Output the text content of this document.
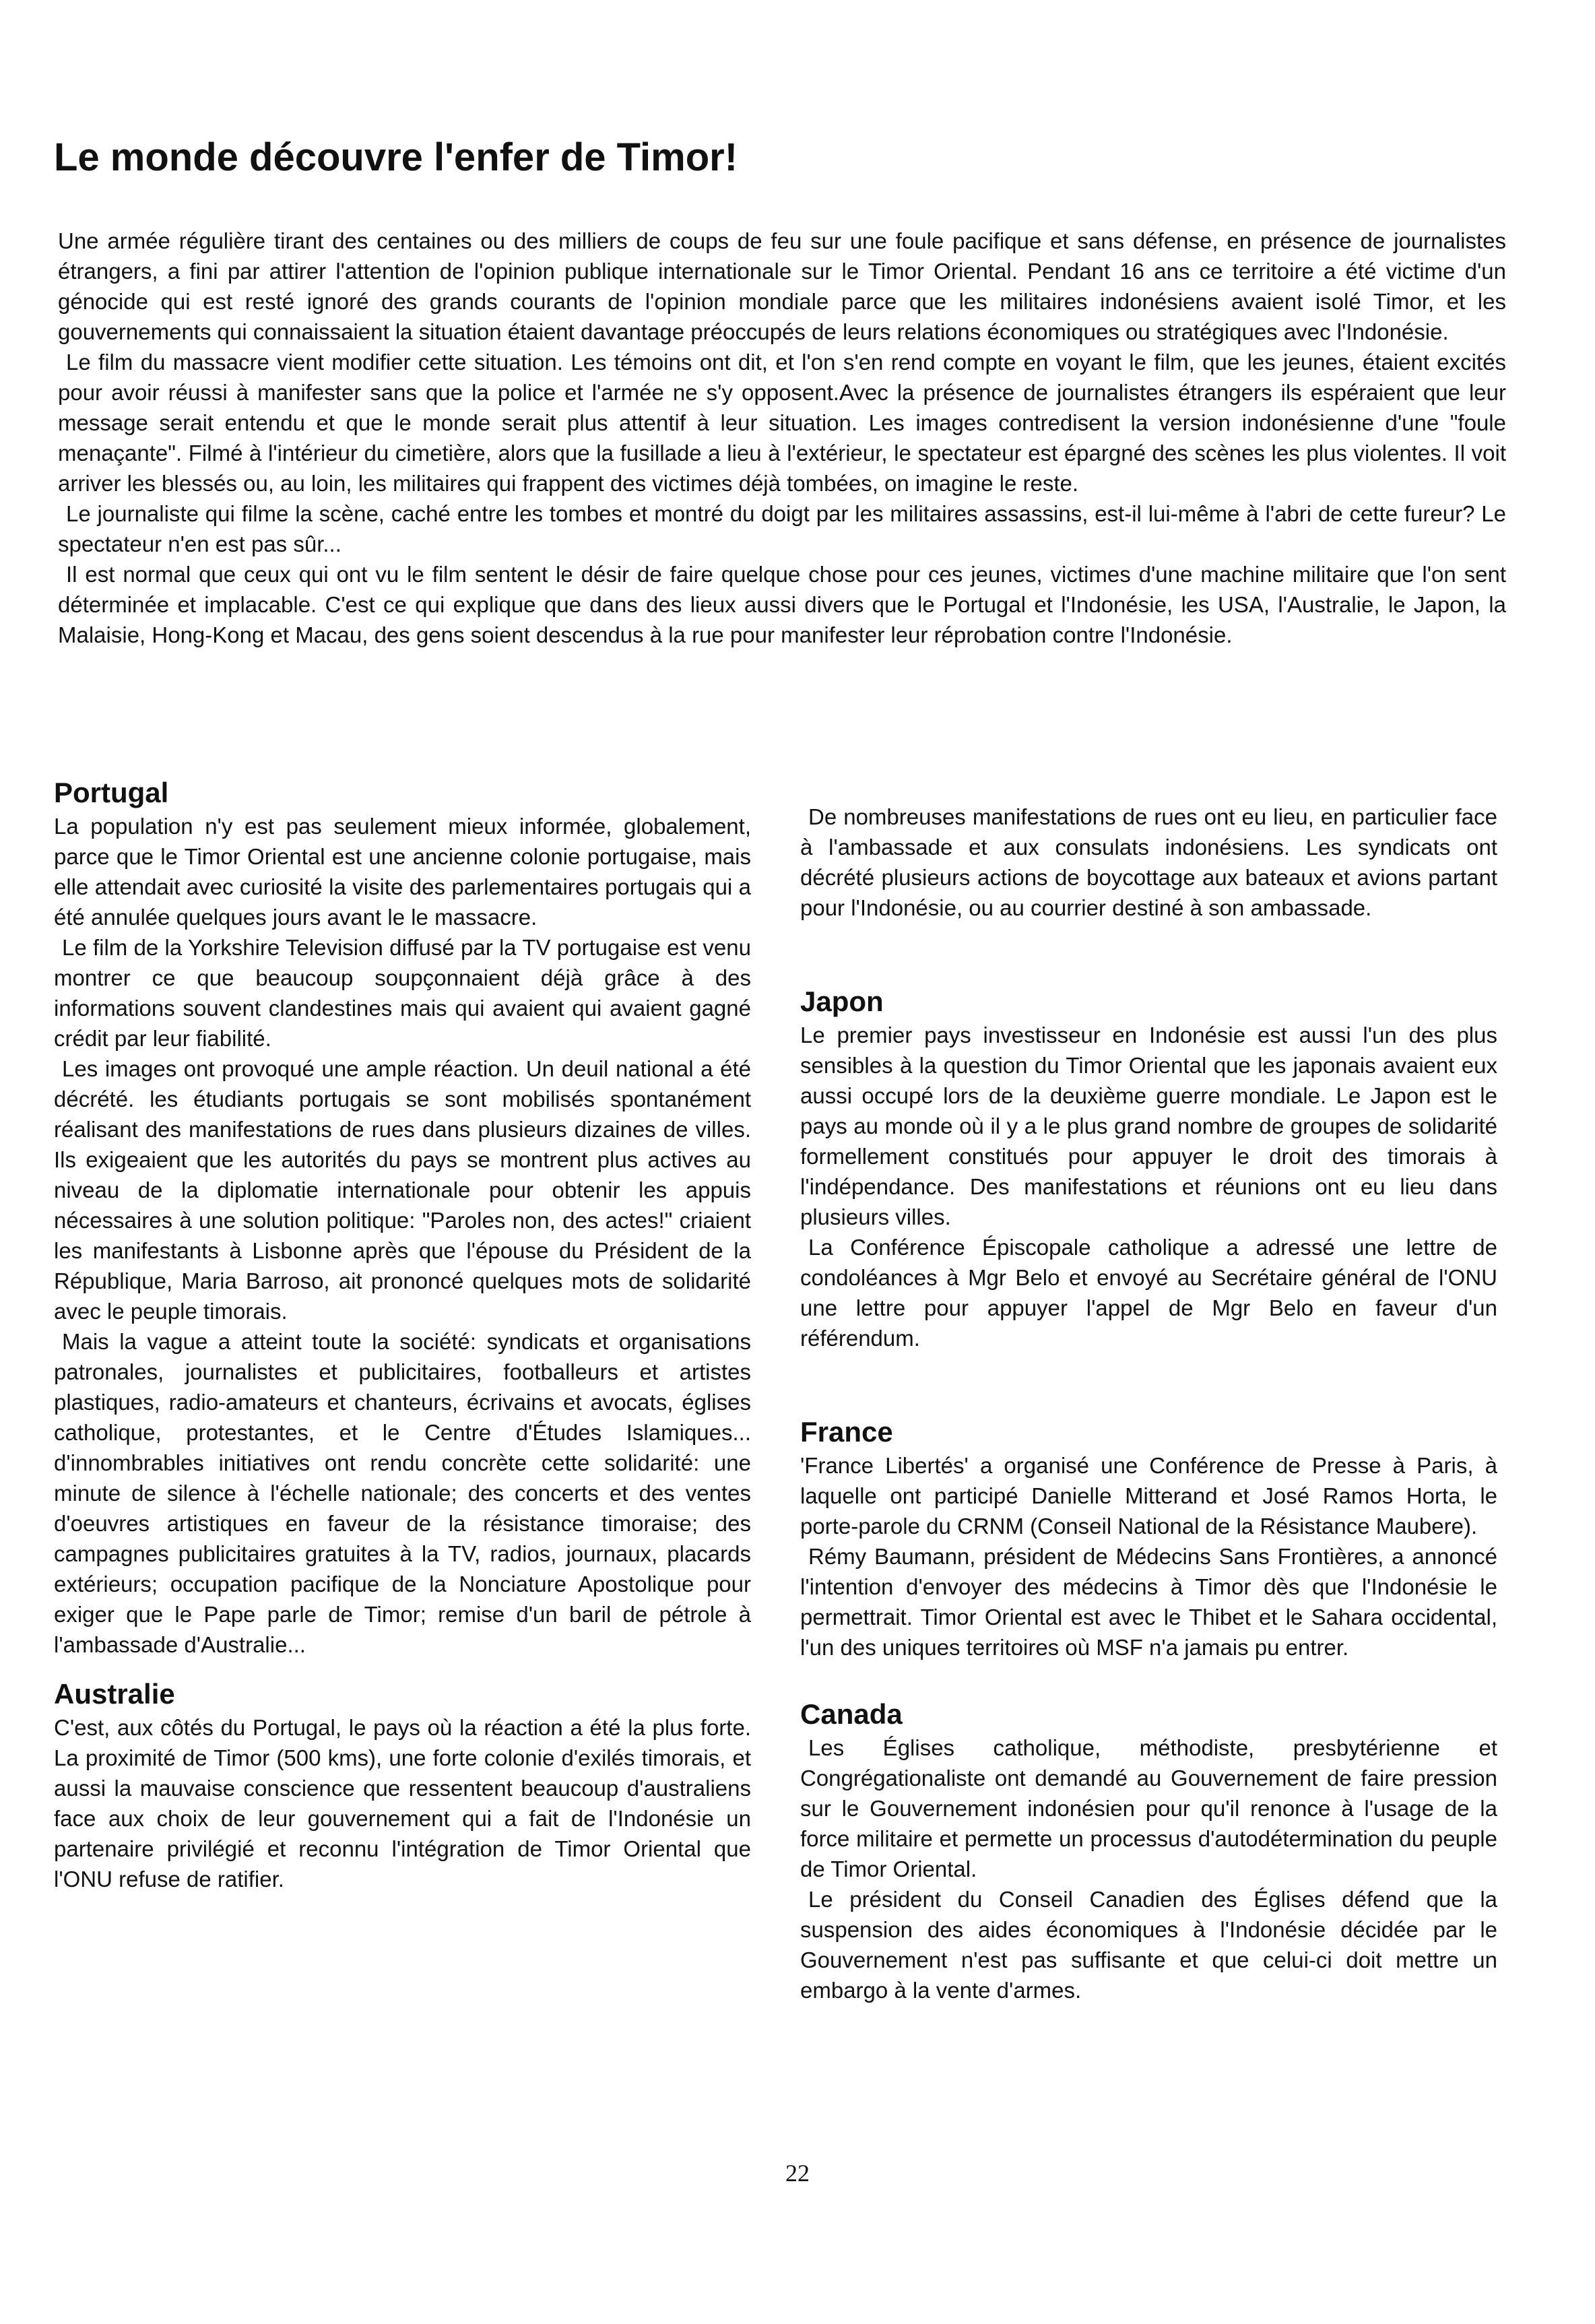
Le monde découvre l'enfer de Timor!

Une armée régulière tirant des centaines ou des milliers de coups de feu sur une foule pacifique et sans défense, en présence de journalistes étrangers, a fini par attirer l'attention de l'opinion publique internationale sur le Timor Oriental. Pendant 16 ans ce territoire a été victime d'un génocide qui est resté ignoré des grands courants de l'opinion mondiale parce que les militaires indonésiens avaient isolé Timor, et les gouvernements qui connaissaient la situation étaient davantage préoccupés de leurs relations économiques ou stratégiques avec l'Indonésie.

Le film du massacre vient modifier cette situation. Les témoins ont dit, et l'on s'en rend compte en voyant le film, que les jeunes, étaient excités pour avoir réussi à manifester sans que la police et l'armée ne s'y opposent.Avec la présence de journalistes étrangers ils espéraient que leur message serait entendu et que le monde serait plus attentif à leur situation. Les images contredisent la version indonésienne d'une "foule menaçante". Filmé à l'intérieur du cimetière, alors que la fusillade a lieu à l'extérieur, le spectateur est épargné des scènes les plus violentes. Il voit arriver les blessés ou, au loin, les militaires qui frappent des victimes déjà tombées, on imagine le reste.

Le journaliste qui filme la scène, caché entre les tombes et montré du doigt par les militaires assassins, est-il lui-même à l'abri de cette fureur? Le spectateur n'en est pas sûr...

Il est normal que ceux qui ont vu le film sentent le désir de faire quelque chose pour ces jeunes, victimes d'une machine militaire que l'on sent déterminée et implacable. C'est ce qui explique que dans des lieux aussi divers que le Portugal et l'Indonésie, les USA, l'Australie, le Japon, la Malaisie, Hong-Kong et Macau, des gens soient descendus à la rue pour manifester leur réprobation contre l'Indonésie.

Portugal

La population n'y est pas seulement mieux informée, globalement, parce que le Timor Oriental est une ancienne colonie portugaise, mais elle attendait avec curiosité la visite des parlementaires portugais qui a été annulée quelques jours avant le le massacre.

Le film de la Yorkshire Television diffusé par la TV portugaise est venu montrer ce que beaucoup soupçonnaient déjà grâce à des informations souvent clandestines mais qui avaient qui avaient gagné crédit par leur fiabilité.

Les images ont provoqué une ample réaction. Un deuil national a été décrété. les étudiants portugais se sont mobilisés spontanément réalisant des manifestations de rues dans plusieurs dizaines de villes. Ils exigeaient que les autorités du pays se montrent plus actives au niveau de la diplomatie internationale pour obtenir les appuis nécessaires à une solution politique: "Paroles non, des actes!" criaient les manifestants à Lisbonne après que l'épouse du Président de la République, Maria Barroso, ait prononcé quelques mots de solidarité avec le peuple timorais.

Mais la vague a atteint toute la société: syndicats et organisations patronales, journalistes et publicitaires, footballeurs et artistes plastiques, radio-amateurs et chanteurs, écrivains et avocats, églises catholique, protestantes, et le Centre d'Études Islamiques... d'innombrables initiatives ont rendu concrète cette solidarité: une minute de silence à l'échelle nationale; des concerts et des ventes d'oeuvres artistiques en faveur de la résistance timoraise; des campagnes publicitaires gratuites à la TV, radios, journaux, placards extérieurs; occupation pacifique de la Nonciature Apostolique pour exiger que le Pape parle de Timor; remise d'un baril de pétrole à l'ambassade d'Australie...

Australie

C'est, aux côtés du Portugal, le pays où la réaction a été la plus forte. La proximité de Timor (500 kms), une forte colonie d'exilés timorais, et aussi la mauvaise conscience que ressentent beaucoup d'australiens face aux choix de leur gouvernement qui a fait de l'Indonésie un partenaire privilégié et reconnu l'intégration de Timor Oriental que l'ONU refuse de ratifier.

De nombreuses manifestations de rues ont eu lieu, en particulier face à l'ambassade et aux consulats indonésiens. Les syndicats ont décrété plusieurs actions de boycottage aux bateaux et avions partant pour l'Indonésie, ou au courrier destiné à son ambassade.

Japon

Le premier pays investisseur en Indonésie est aussi l'un des plus sensibles à la question du Timor Oriental que les japonais avaient eux aussi occupé lors de la deuxième guerre mondiale. Le Japon est le pays au monde où il y a le plus grand nombre de groupes de solidarité formellement constitués pour appuyer le droit des timorais à l'indépendance. Des manifestations et réunions ont eu lieu dans plusieurs villes.

La Conférence Épiscopale catholique a adressé une lettre de condoléances à Mgr Belo et envoyé au Secrétaire général de l'ONU une lettre pour appuyer l'appel de Mgr Belo en faveur d'un référendum.

France

'France Libertés' a organisé une Conférence de Presse à Paris, à laquelle ont participé Danielle Mitterand et José Ramos Horta, le porte-parole du CRNM (Conseil National de la Résistance Maubere).

Rémy Baumann, président de Médecins Sans Frontières, a annoncé l'intention d'envoyer des médecins à Timor dès que l'Indonésie le permettrait. Timor Oriental est avec le Thibet et le Sahara occidental, l'un des uniques territoires où MSF n'a jamais pu entrer.

Canada

Les Églises catholique, méthodiste, presbytérienne et Congrégationaliste ont demandé au Gouvernement de faire pression sur le Gouvernement indonésien pour qu'il renonce à l'usage de la force militaire et permette un processus d'autodétermination du peuple de Timor Oriental.

Le président du Conseil Canadien des Églises défend que la suspension des aides économiques à l'Indonésie décidée par le Gouvernement n'est pas suffisante et que celui-ci doit mettre un embargo à la vente d'armes.

22
